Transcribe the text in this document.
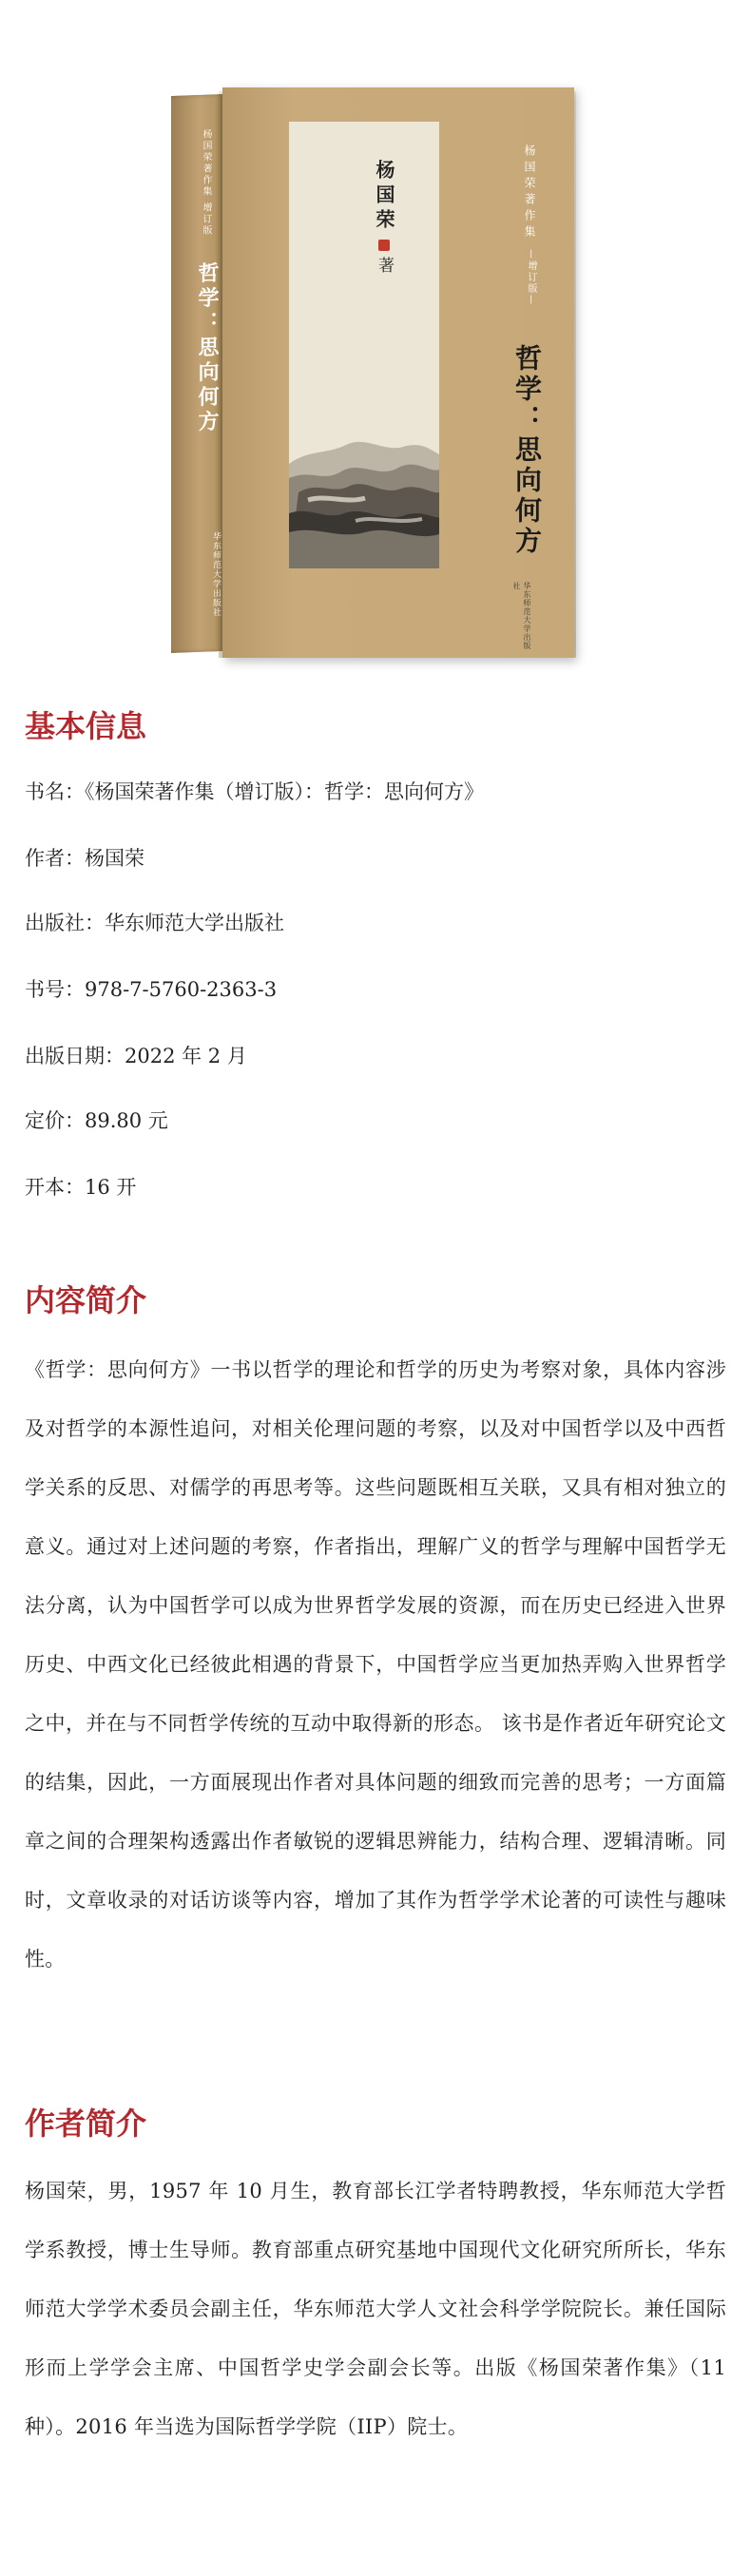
杨国荣著作集 增订版
哲学：思向何方
华东师范大学出版社
杨国荣著
杨国荣著作集
— 增订版 —
哲学：思向何方
华东师范大学出版社
基本信息

书名：《杨国荣著作集（增订版）：哲学：思向何方》

作者：杨国荣

出版社：华东师范大学出版社

书号：978-7-5760-2363-3

出版日期：2022 年 2 月

定价：89.80 元

开本：16 开

内容简介

《哲学：思向何方》一书以哲学的理论和哲学的历史为考察对象，具体内容涉及对哲学的本源性追问，对相关伦理问题的考察，以及对中国哲学以及中西哲学关系的反思、对儒学的再思考等。这些问题既相互关联，又具有相对独立的意义。通过对上述问题的考察，作者指出，理解广义的哲学与理解中国哲学无法分离，认为中国哲学可以成为世界哲学发展的资源，而在历史已经进入世界历史、中西文化已经彼此相遇的背景下，中国哲学应当更加热弄购入世界哲学之中，并在与不同哲学传统的互动中取得新的形态。 该书是作者近年研究论文的结集，因此，一方面展现出作者对具体问题的细致而完善的思考；一方面篇章之间的合理架构透露出作者敏锐的逻辑思辨能力，结构合理、逻辑清晰。同时，文章收录的对话访谈等内容，增加了其作为哲学学术论著的可读性与趣味性。

作者简介

杨国荣，男，1957 年 10 月生，教育部长江学者特聘教授，华东师范大学哲学系教授，博士生导师。教育部重点研究基地中国现代文化研究所所长，华东师范大学学术委员会副主任，华东师范大学人文社会科学学院院长。兼任国际形而上学学会主席、中国哲学史学会副会长等。出版《杨国荣著作集》（11 种）。2016 年当选为国际哲学学院（IIP）院士。
